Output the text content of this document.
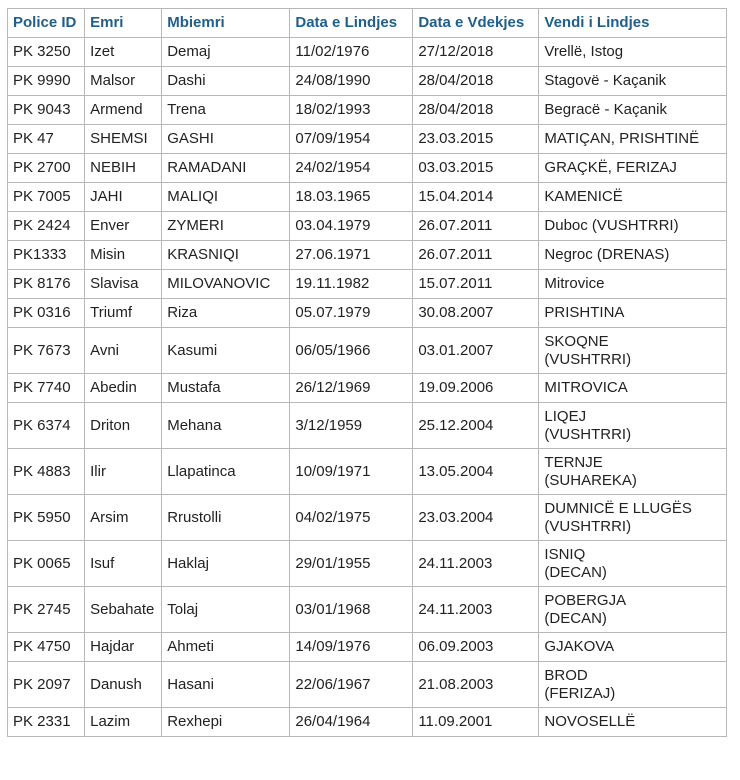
Police ID	Emri	Mbiemri	Data e Lindjes	Data e Vdekjes	Vendi i Lindjes
PK 3250	Izet	Demaj	11/02/1976	27/12/2018	Vrellë, Istog

PK 9990	Malsor	Dashi	24/08/1990	28/04/2018	Stagovë - Kaçanik

PK 9043	Armend	Trena	18/02/1993	28/04/2018	Begracë - Kaçanik

PK 47	SHEMSI	GASHI	07/09/1954	23.03.2015	MATIÇAN, PRISHTINË

PK 2700	NEBIH	RAMADANI	24/02/1954	03.03.2015	GRAÇKË, FERIZAJ

PK 7005	JAHI	MALIQI	18.03.1965	15.04.2014	KAMENICË

PK 2424	Enver	ZYMERI	03.04.1979	26.07.2011	Duboc (VUSHTRRI)

PK1333	Misin	KRASNIQI	27.06.1971	26.07.2011	Negroc (DRENAS)

PK 8176	Slavisa	MILOVANOVIC	19.11.1982	15.07.2011	Mitrovice

PK 0316	Triumf	Riza	05.07.1979	30.08.2007	PRISHTINA

PK 7673	Avni	Kasumi	06/05/1966	03.01.2007	SKOQNE
(VUSHTRRI)

PK 7740	Abedin	Mustafa	26/12/1969	19.09.2006	MITROVICA

PK 6374	Driton	Mehana	3/12/1959	25.12.2004	LIQEJ
(VUSHTRRI)

PK 4883	Ilir	Llapatinca	10/09/1971	13.05.2004	TERNJE
(SUHAREKA)

PK 5950	Arsim	Rrustolli	04/02/1975	23.03.2004	DUMNICË E LLUGËS
(VUSHTRRI)

PK 0065	Isuf	Haklaj	29/01/1955	24.11.2003	ISNIQ
(DECAN)

PK 2745	Sebahate	Tolaj	03/01/1968	24.11.2003	POBERGJA
(DECAN)

PK 4750	Hajdar	Ahmeti	14/09/1976	06.09.2003	GJAKOVA

PK 2097	Danush	Hasani	22/06/1967	21.08.2003	BROD
(FERIZAJ)

PK 2331	Lazim	Rexhepi	26/04/1964	11.09.2001	NOVOSELLË
